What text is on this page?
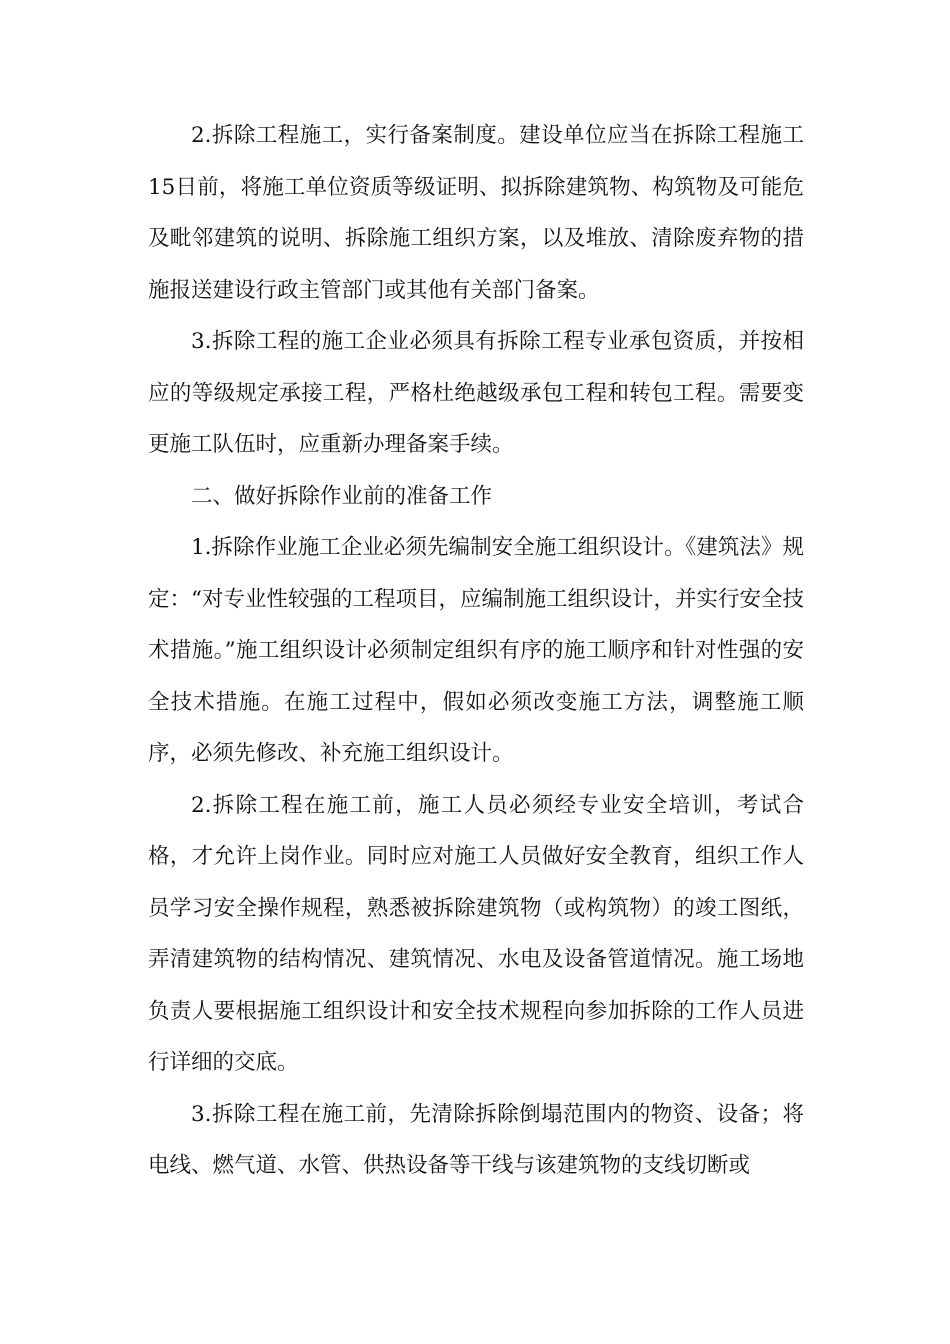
2.拆除工程施工，实行备案制度。建设单位应当在拆除工程施工15日前，将施工单位资质等级证明、拟拆除建筑物、构筑物及可能危及毗邻建筑的说明、拆除施工组织方案，以及堆放、清除废弃物的措施报送建设行政主管部门或其他有关部门备案。

3.拆除工程的施工企业必须具有拆除工程专业承包资质，并按相应的等级规定承接工程，严格杜绝越级承包工程和转包工程。需要变更施工队伍时，应重新办理备案手续。

二、做好拆除作业前的准备工作

1.拆除作业施工企业必须先编制安全施工组织设计。《建筑法》规定：“对专业性较强的工程项目，应编制施工组织设计，并实行安全技术措施。”施工组织设计必须制定组织有序的施工顺序和针对性强的安全技术措施。在施工过程中，假如必须改变施工方法，调整施工顺序，必须先修改、补充施工组织设计。

2.拆除工程在施工前，施工人员必须经专业安全培训，考试合格，才允许上岗作业。同时应对施工人员做好安全教育，组织工作人员学习安全操作规程，熟悉被拆除建筑物（或构筑物）的竣工图纸，弄清建筑物的结构情况、建筑情况、水电及设备管道情况。施工场地负责人要根据施工组织设计和安全技术规程向参加拆除的工作人员进行详细的交底。

3.拆除工程在施工前，先清除拆除倒塌范围内的物资、设备；将电线、燃气道、水管、供热设备等干线与该建筑物的支线切断或
